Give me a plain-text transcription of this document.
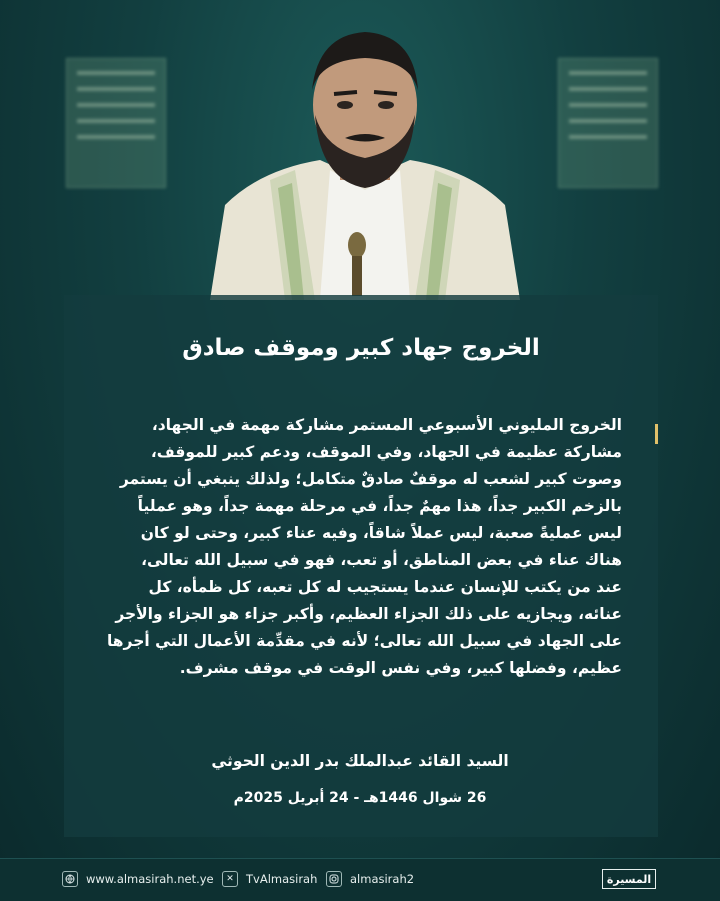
الخروج جهاد كبير وموقف صادق
الخروج المليوني الأسبوعي المستمر مشاركة مهمة في الجهاد،
مشاركة عظيمة في الجهاد، وفي الموقف، ودعم كبير للموقف،
وصوت كبير لشعب له موقفٌ صادقٌ متكامل؛ ولذلك ينبغي أن يستمر
بالزخم الكبير جداً، هذا مهمٌ جداً، في مرحلة مهمة جداً، وهو عملياً
ليس عمليةً صعبة، ليس عملاً شاقاً، وفيه عناء كبير، وحتى لو كان
هناك عناء في بعض المناطق، أو تعب، فهو في سبيل الله تعالى،
عند من يكتب للإنسان عندما يستجيب له كل تعبه، كل ظمأه، كل
عنائه، ويجازيه على ذلك الجزاء العظيم، وأكبر جزاء هو الجزاء والأجر
على الجهاد في سبيل الله تعالى؛ لأنه في مقدِّمة الأعمال التي أجرها
عظيم، وفضلها كبير، وفي نفس الوقت في موقف مشرف.
السيد القائد عبدالملك بدر الدين الحوثي
26 شوال 1446هـ - 24 أبريل 2025م
www.almasirah.net.ye	✕	TvAlmasirah	almasirah2	المسيرة
